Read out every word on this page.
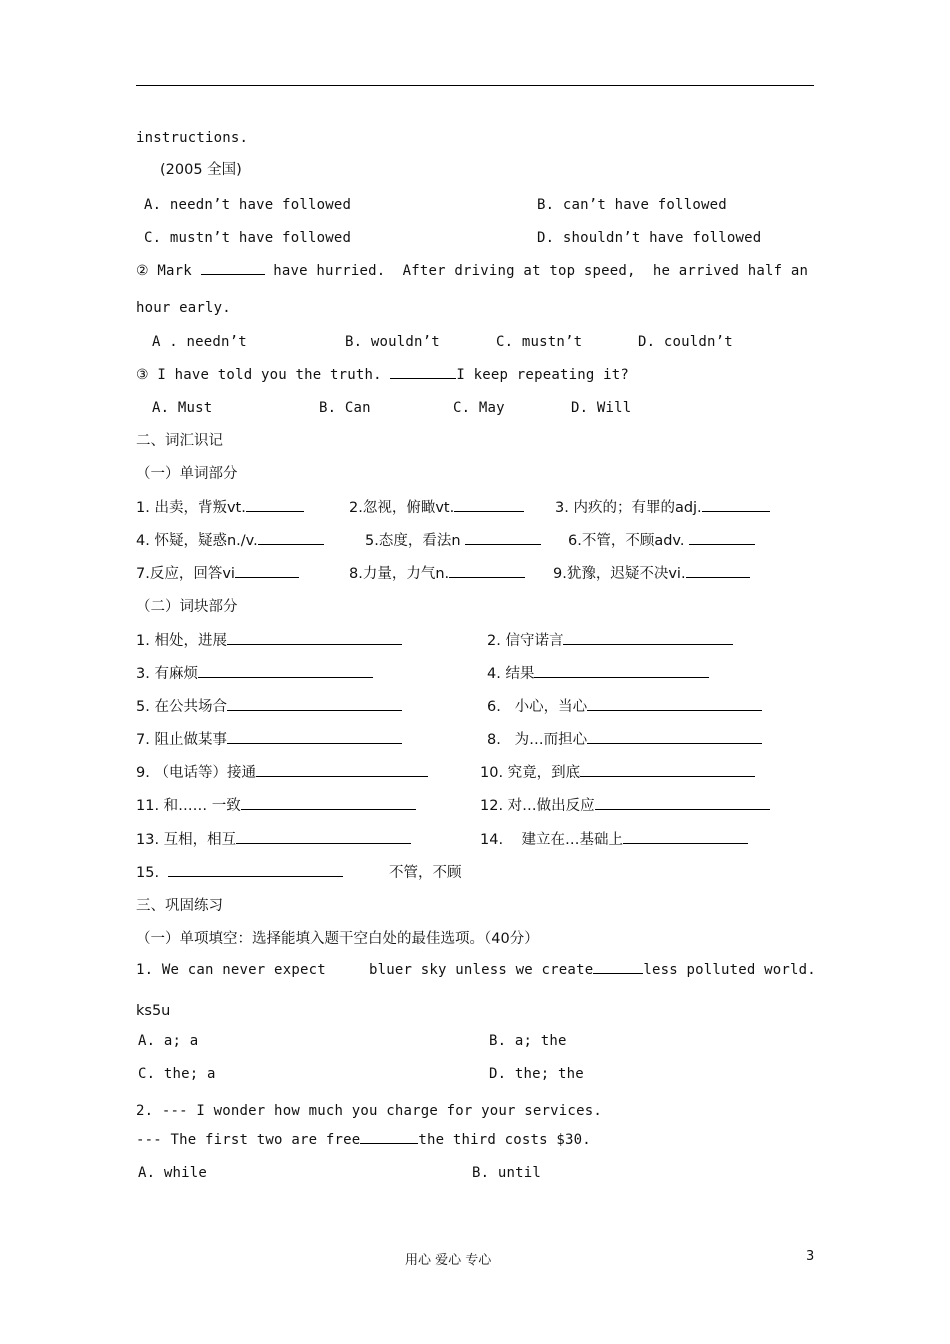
instructions.
(2005 全国)
A. needn’t have followed	B. can’t have followed
C. mustn’t have followed	D. shouldn’t have followed
② Mark	have hurried.  After driving at top speed,  he arrived half an
hour early.
A . needn’t	B. wouldn’t	C. mustn’t	D. couldn’t
③ I have told you the truth.	I keep repeating it?
A. Must	B. Can	C. May	D. Will
二、词汇识记
（一）单词部分
1. 出卖，背叛vt.	2.忽视，俯瞰vt.	3. 内疚的；有罪的adj.
4. 怀疑，疑惑n./v.	5.态度，看法n	6.不管，不顾adv.
7.反应，回答vi	8.力量，力气n.	9.犹豫，迟疑不决vi.
（二）词块部分
1. 相处，进展	2. 信守诺言
3. 有麻烦	4. 结果
5. 在公共场合	6.   小心，当心
7. 阻止做某事	8.   为…而担心
9. （电话等）接通	10. 究竟，到底
11. 和…… 一致	12. 对…做出反应
13. 互相，相互	14.    建立在…基础上
15.	不管，不顾
三、巩固练习
（一）单项填空：选择能填入题干空白处的最佳选项。（40分）
1. We can never expect     bluer sky unless we create	less polluted world.
ks5u
A. a; a	B. a; the
C. the; a	D. the; the
2. --- I wonder how much you charge for your services.
--- The first two are free	the third costs $30.
A. while	B. until
用心 爱心 专心	3
